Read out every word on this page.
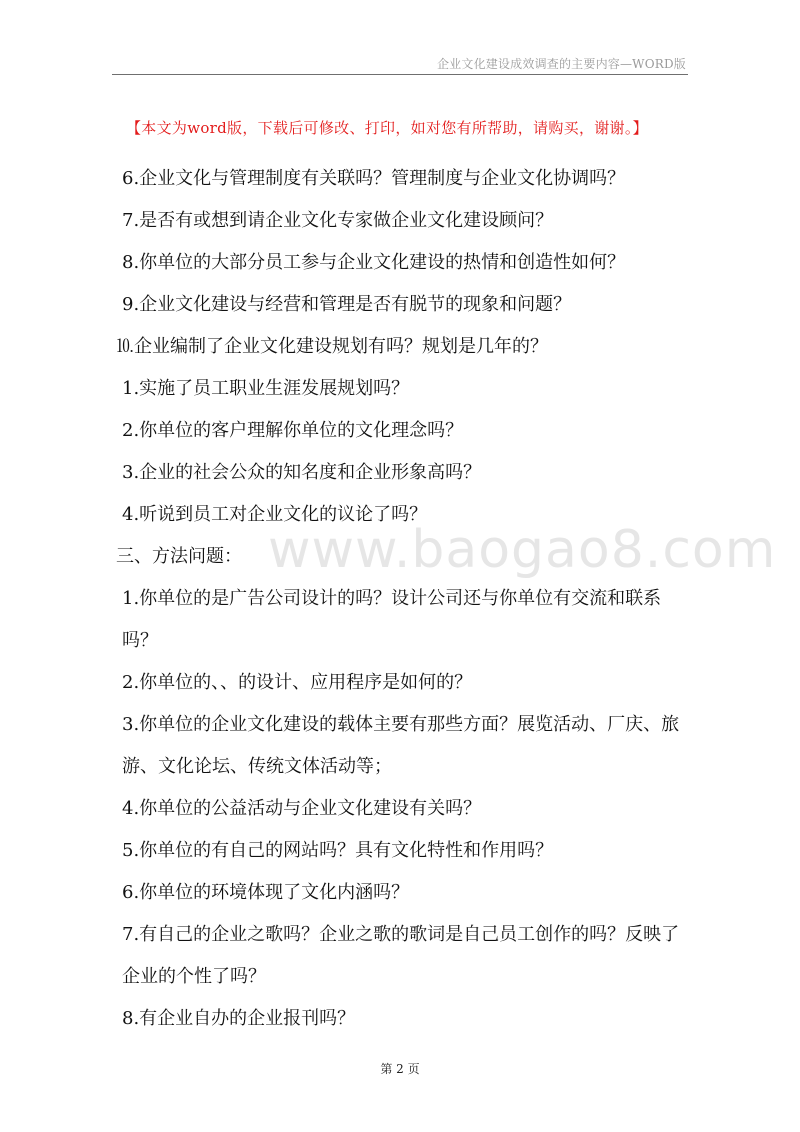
企业文化建设成效调查的主要内容—WORD版
【本文为word版，下载后可修改、打印，如对您有所帮助，请购买，谢谢。】
www.baogao8.com

6.企业文化与管理制度有关联吗？管理制度与企业文化协调吗？

7.是否有或想到请企业文化专家做企业文化建设顾问？

8.你单位的大部分员工参与企业文化建设的热情和创造性如何？

9.企业文化建设与经营和管理是否有脱节的现象和问题？

⒑企业编制了企业文化建设规划有吗？规划是几年的？

1.实施了员工职业生涯发展规划吗？

2.你单位的客户理解你单位的文化理念吗？

3.企业的社会公众的知名度和企业形象高吗？

4.听说到员工对企业文化的议论了吗？

三、方法问题：

1.你单位的是广告公司设计的吗？设计公司还与你单位有交流和联系吗？

2.你单位的、、的设计、应用程序是如何的？

3.你单位的企业文化建设的载体主要有那些方面？展览活动、厂庆、旅游、文化论坛、传统文体活动等；

4.你单位的公益活动与企业文化建设有关吗？

5.你单位的有自己的网站吗？具有文化特性和作用吗？

6.你单位的环境体现了文化内涵吗？

7.有自己的企业之歌吗？企业之歌的歌词是自己员工创作的吗？反映了企业的个性了吗？

8.有企业自办的企业报刊吗？

第 2 页
